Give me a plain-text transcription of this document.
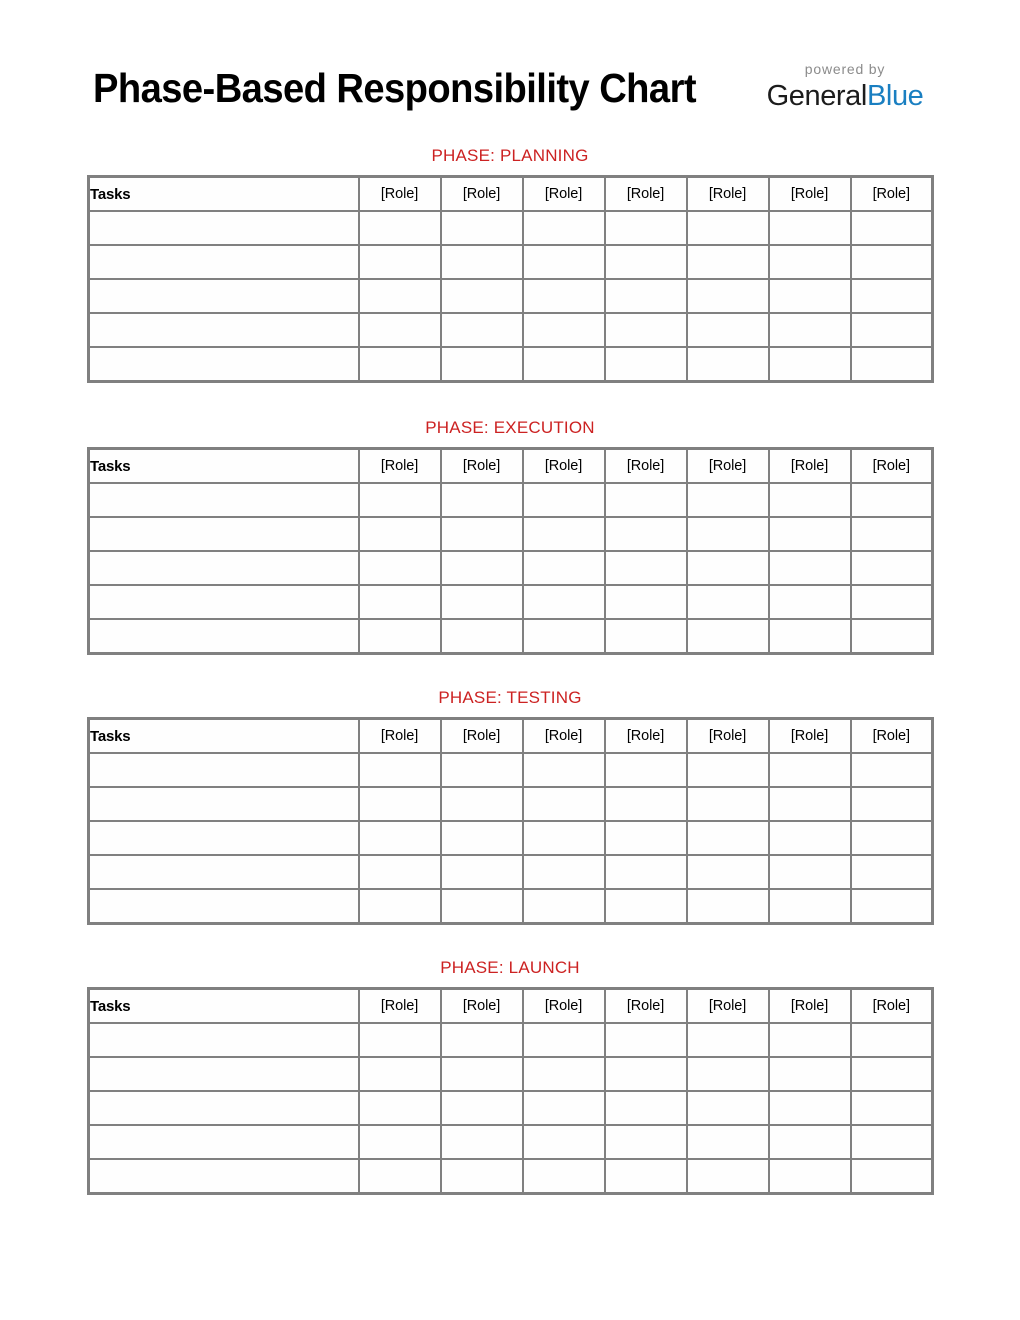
Phase-Based Responsibility Chart	powered by
GeneralBlue
PHASE: PLANNING
Tasks	[Role]	[Role]	[Role]	[Role]	[Role]	[Role]	[Role]

PHASE: EXECUTION
Tasks	[Role]	[Role]	[Role]	[Role]	[Role]	[Role]	[Role]

PHASE: TESTING
Tasks	[Role]	[Role]	[Role]	[Role]	[Role]	[Role]	[Role]

PHASE: LAUNCH
Tasks	[Role]	[Role]	[Role]	[Role]	[Role]	[Role]	[Role]
